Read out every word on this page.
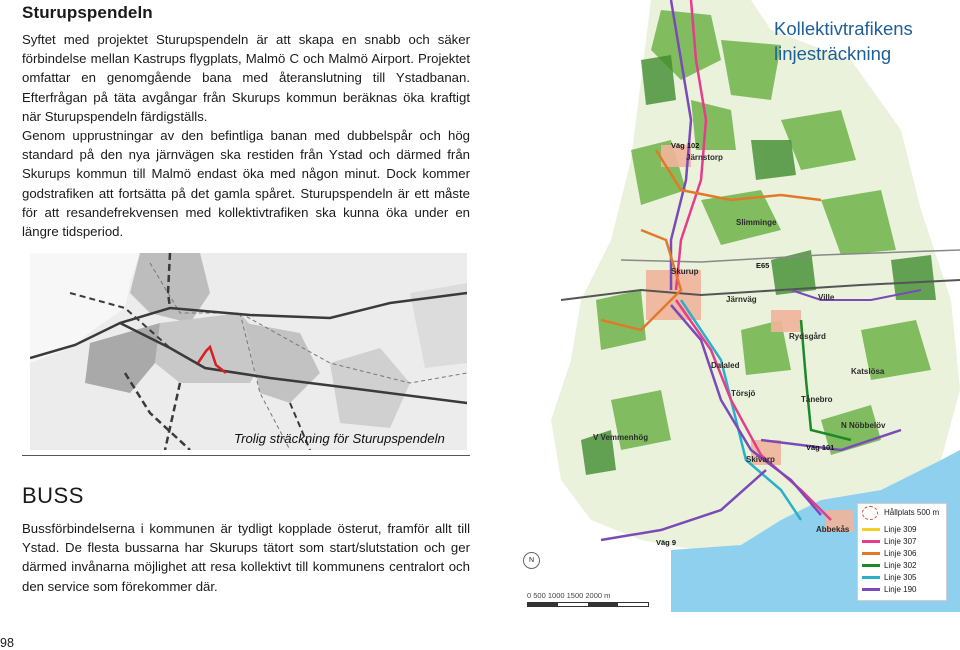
Sturupspendeln

Syftet med projektet Sturupspendeln är att skapa en snabb och säker förbindelse mellan Kastrups flygplats, Malmö C och Malmö Airport. Projektet omfattar en genomgående bana med återanslutning till Ystadbanan. Efterfrågan på täta avgångar från Skurups kommun beräknas öka kraftigt när Sturupspendeln färdigställs.

Genom upprustningar av den befintliga banan med dubbelspår och hög standard på den nya järnvägen ska restiden från Ystad och därmed från Skurups kommun till Malmö endast öka med någon minut. Dock kommer godstrafiken att fortsätta på det gamla spåret. Sturupspendeln är ett måste för att resandefrekvensen med kollektivtrafiken ska kunna öka under en längre tidsperiod.

Trolig sträckning för Sturupspendeln
BUSS

Bussförbindelserna i kommunen är tydligt kopplade österut, framför allt till Ystad. De flesta bussarna har Skurups tätort som start/slutstation och ger därmed invånarna möjlighet att resa kollektivt till kommunens centralort och den service som förekommer där.

98
Väg 102
Järnstorp
Slimminge
E65
Skurup
Järnväg	Ville
Rydsgård
Dalaled
Törsjö
Tånebro
Katslösa
V Vemmenhög
N Nöbbelöv
Väg 101
Skivarp
Abbekås
Väg 9
Kollektivtrafikens
linjesträckning
Hållplats 500 m
Linje 309
Linje 307
Linje 306
Linje 302
Linje 305
Linje 190
N
0 500 1000 1500 2000 m
